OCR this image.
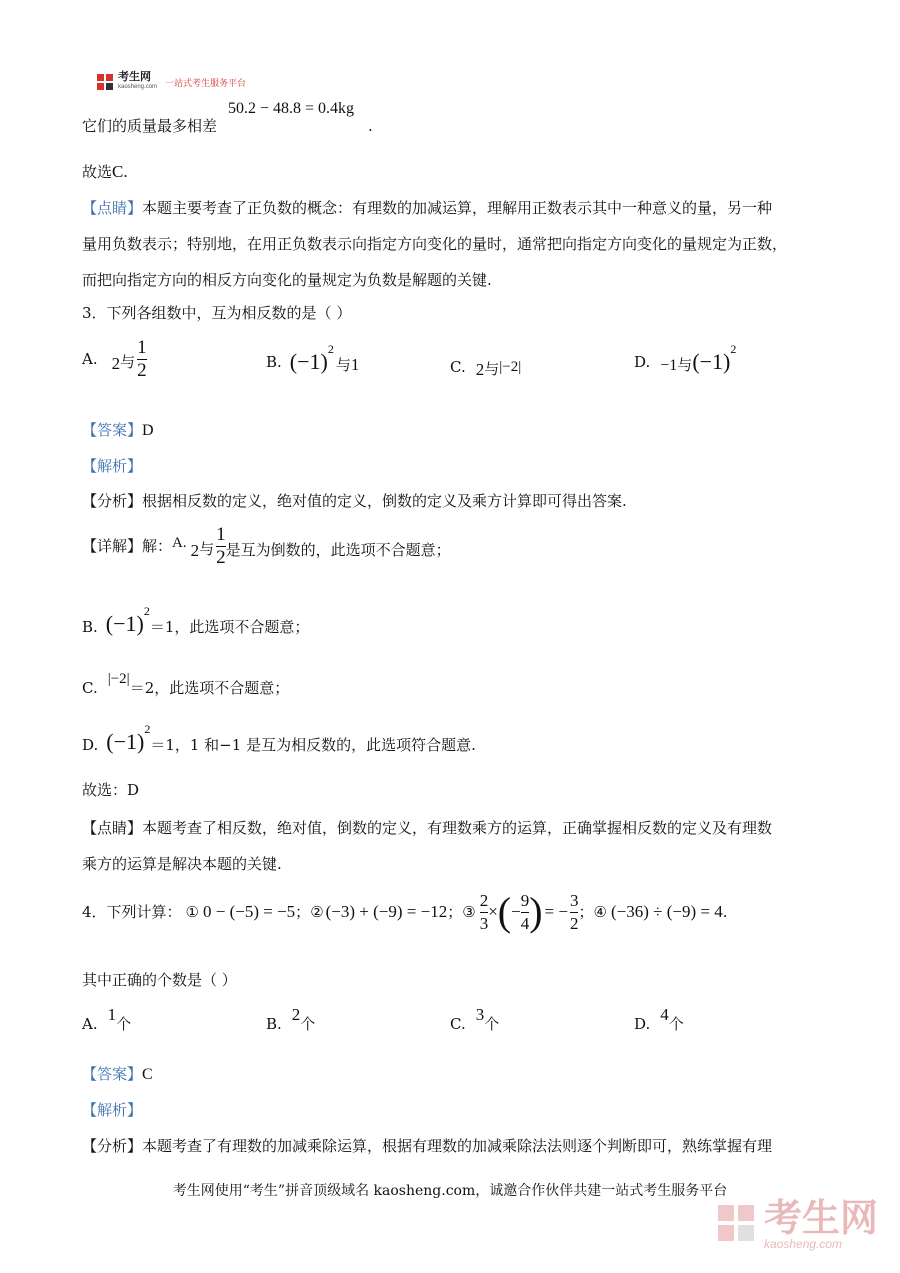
考生网
kaosheng.com 一站式考生服务平台
它们的质量最多相差
50.2 − 48.8 = 0.4kg
.
故选C.
【点睛】本题主要考查了正负数的概念：有理数的加减运算，理解用正数表示其中一种意义的量，另一种
量用负数表示；特别地，在用正负数表示向指定方向变化的量时，通常把向指定方向变化的量规定为正数，
而把向指定方向的相反方向变化的量规定为负数是解题的关键.
3．下列各组数中，互为相反数的是（ ）
A. 2 与 $\frac{1}{2}$	B. $(-1)^2$
与 1	C. 2 与 |−2|	D. −1 与 $(-1)^2$
【答案】D
【解析】
【分析】根据相反数的定义，绝对值的定义，倒数的定义及乘方计算即可得出答案.
【详解】 解： A. 2 与 $\frac{1}{2}$ 是互为倒数的，此选项不合题意；
B. $(-1)^2$
＝1，此选项不合题意；
C.
|−2|
＝2，此选项不合题意；
D. $(-1)^2$
＝1，1 和−1 是互为相反数的，此选项符合题意.
故选：D
【点睛】本题考查了相反数，绝对值，倒数的定义，有理数乘方的运算，正确掌握相反数的定义及有理数
乘方的运算是解决本题的关键.
4．下列计算： ① 0 − (−5) = −5 ； ② (−3) + (−9) = −12 ； ③ $\frac{2}{3}$ × ( − $\frac{9}{4}$ ) = − $\frac{3}{2}$ ； ④ (−36) ÷ (−9) = 4 .
其中正确的个数是（ ）
A. 1 个	B. 2 个	C. 3 个	D. 4 个
【答案】C
【解析】
【分析】本题考查了有理数的加减乘除运算，根据有理数的加减乘除法法则逐个判断即可，熟练掌握有理
考生网使用“考生”拼音顶级域名 kaosheng.com，诚邀合作伙伴共建一站式考生服务平台
考生网
kaosheng.com
